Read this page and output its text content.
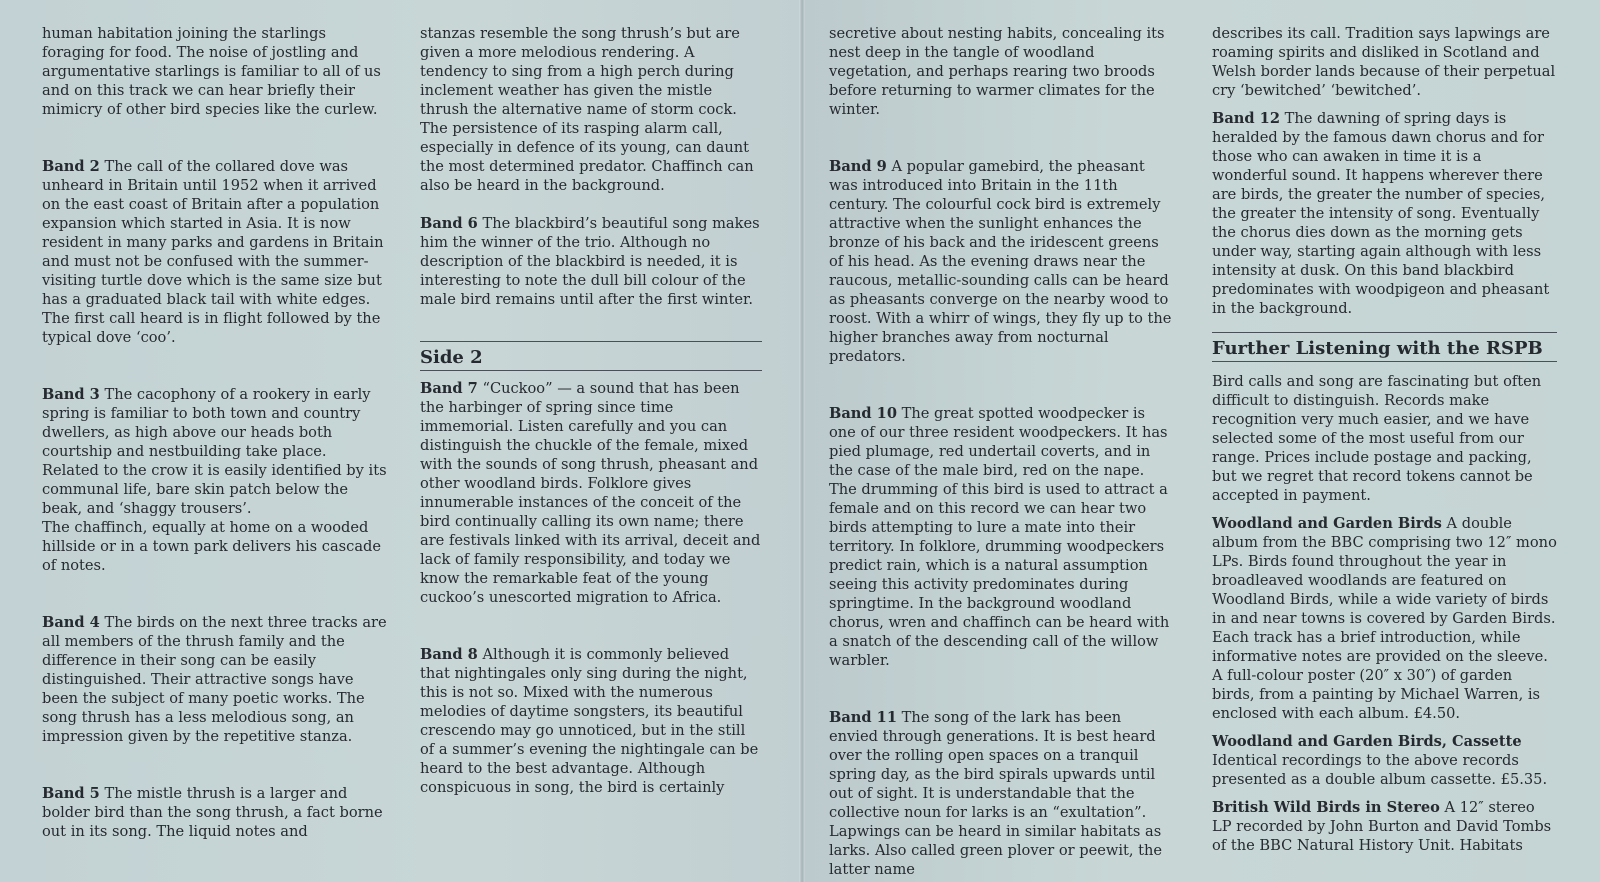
human habitation joining the starlings foraging for food. The noise of jostling and argumentative starlings is familiar to all of us and on this track we can hear briefly their mimicry of other bird species like the curlew.

Band 2 The call of the collared dove was unheard in Britain until 1952 when it arrived on the east coast of Britain after a population expansion which started in Asia. It is now resident in many parks and gardens in Britain and must not be confused with the summer-visiting turtle dove which is the same size but has a graduated black tail with white edges. The first call heard is in flight followed by the typical dove ‘coo’.

Band 3 The cacophony of a rookery in early spring is familiar to both town and country dwellers, as high above our heads both courtship and nestbuilding take place. Related to the crow it is easily identified by its communal life, bare skin patch below the beak, and ‘shaggy trousers’.

The chaffinch, equally at home on a wooded hillside or in a town park delivers his cascade of notes.

Band 4 The birds on the next three tracks are all members of the thrush family and the difference in their song can be easily distinguished. Their attractive songs have been the subject of many poetic works. The song thrush has a less melodious song, an impression given by the repetitive stanza.

Band 5 The mistle thrush is a larger and bolder bird than the song thrush, a fact borne out in its song. The liquid notes and

stanzas resemble the song thrush’s but are given a more melodious rendering. A tendency to sing from a high perch during inclement weather has given the mistle thrush the alternative name of storm cock. The persistence of its rasping alarm call, especially in defence of its young, can daunt the most determined predator. Chaffinch can also be heard in the background.

Band 6 The blackbird’s beautiful song makes him the winner of the trio. Although no description of the blackbird is needed, it is interesting to note the dull bill colour of the male bird remains until after the first winter.

Side 2

Band 7 “Cuckoo” — a sound that has been the harbinger of spring since time immemorial. Listen carefully and you can distinguish the chuckle of the female, mixed with the sounds of song thrush, pheasant and other woodland birds. Folklore gives innumerable instances of the conceit of the bird continually calling its own name; there are festivals linked with its arrival, deceit and lack of family responsibility, and today we know the remarkable feat of the young cuckoo’s unescorted migration to Africa.

Band 8 Although it is commonly believed that nightingales only sing during the night, this is not so. Mixed with the numerous melodies of daytime songsters, its beautiful crescendo may go unnoticed, but in the still of a summer’s evening the nightingale can be heard to the best advantage. Although conspicuous in song, the bird is certainly

secretive about nesting habits, concealing its nest deep in the tangle of woodland vegetation, and perhaps rearing two broods before returning to warmer climates for the winter.

Band 9 A popular gamebird, the pheasant was introduced into Britain in the 11th century. The colourful cock bird is extremely attractive when the sunlight enhances the bronze of his back and the iridescent greens of his head. As the evening draws near the raucous, metallic-sounding calls can be heard as pheasants converge on the nearby wood to roost. With a whirr of wings, they fly up to the higher branches away from nocturnal predators.

Band 10 The great spotted woodpecker is one of our three resident woodpeckers. It has pied plumage, red undertail coverts, and in the case of the male bird, red on the nape. The drumming of this bird is used to attract a female and on this record we can hear two birds attempting to lure a mate into their territory. In folklore, drumming woodpeckers predict rain, which is a natural assumption seeing this activity predominates during springtime. In the background woodland chorus, wren and chaffinch can be heard with a snatch of the descending call of the willow warbler.

Band 11 The song of the lark has been envied through generations. It is best heard over the rolling open spaces on a tranquil spring day, as the bird spirals upwards until out of sight. It is understandable that the collective noun for larks is an “exultation”. Lapwings can be heard in similar habitats as larks. Also called green plover or peewit, the latter name

describes its call. Tradition says lapwings are roaming spirits and disliked in Scotland and Welsh border lands because of their perpetual cry ‘bewitched’ ‘bewitched’.

Band 12 The dawning of spring days is heralded by the famous dawn chorus and for those who can awaken in time it is a wonderful sound. It happens wherever there are birds, the greater the number of species, the greater the intensity of song. Eventually the chorus dies down as the morning gets under way, starting again although with less intensity at dusk. On this band blackbird predominates with woodpigeon and pheasant in the background.

Further Listening with the RSPB

Bird calls and song are fascinating but often difficult to distinguish. Records make recognition very much easier, and we have selected some of the most useful from our range. Prices include postage and packing, but we regret that record tokens cannot be accepted in payment.

Woodland and Garden Birds A double album from the BBC comprising two 12″ mono LPs. Birds found throughout the year in broadleaved woodlands are featured on Woodland Birds, while a wide variety of birds in and near towns is covered by Garden Birds. Each track has a brief introduction, while informative notes are provided on the sleeve. A full-colour poster (20″ x 30″) of garden birds, from a painting by Michael Warren, is enclosed with each album. £4.50.

Woodland and Garden Birds, Cassette
Identical recordings to the above records presented as a double album cassette. £5.35.

British Wild Birds in Stereo A 12″ stereo LP recorded by John Burton and David Tombs of the BBC Natural History Unit. Habitats
